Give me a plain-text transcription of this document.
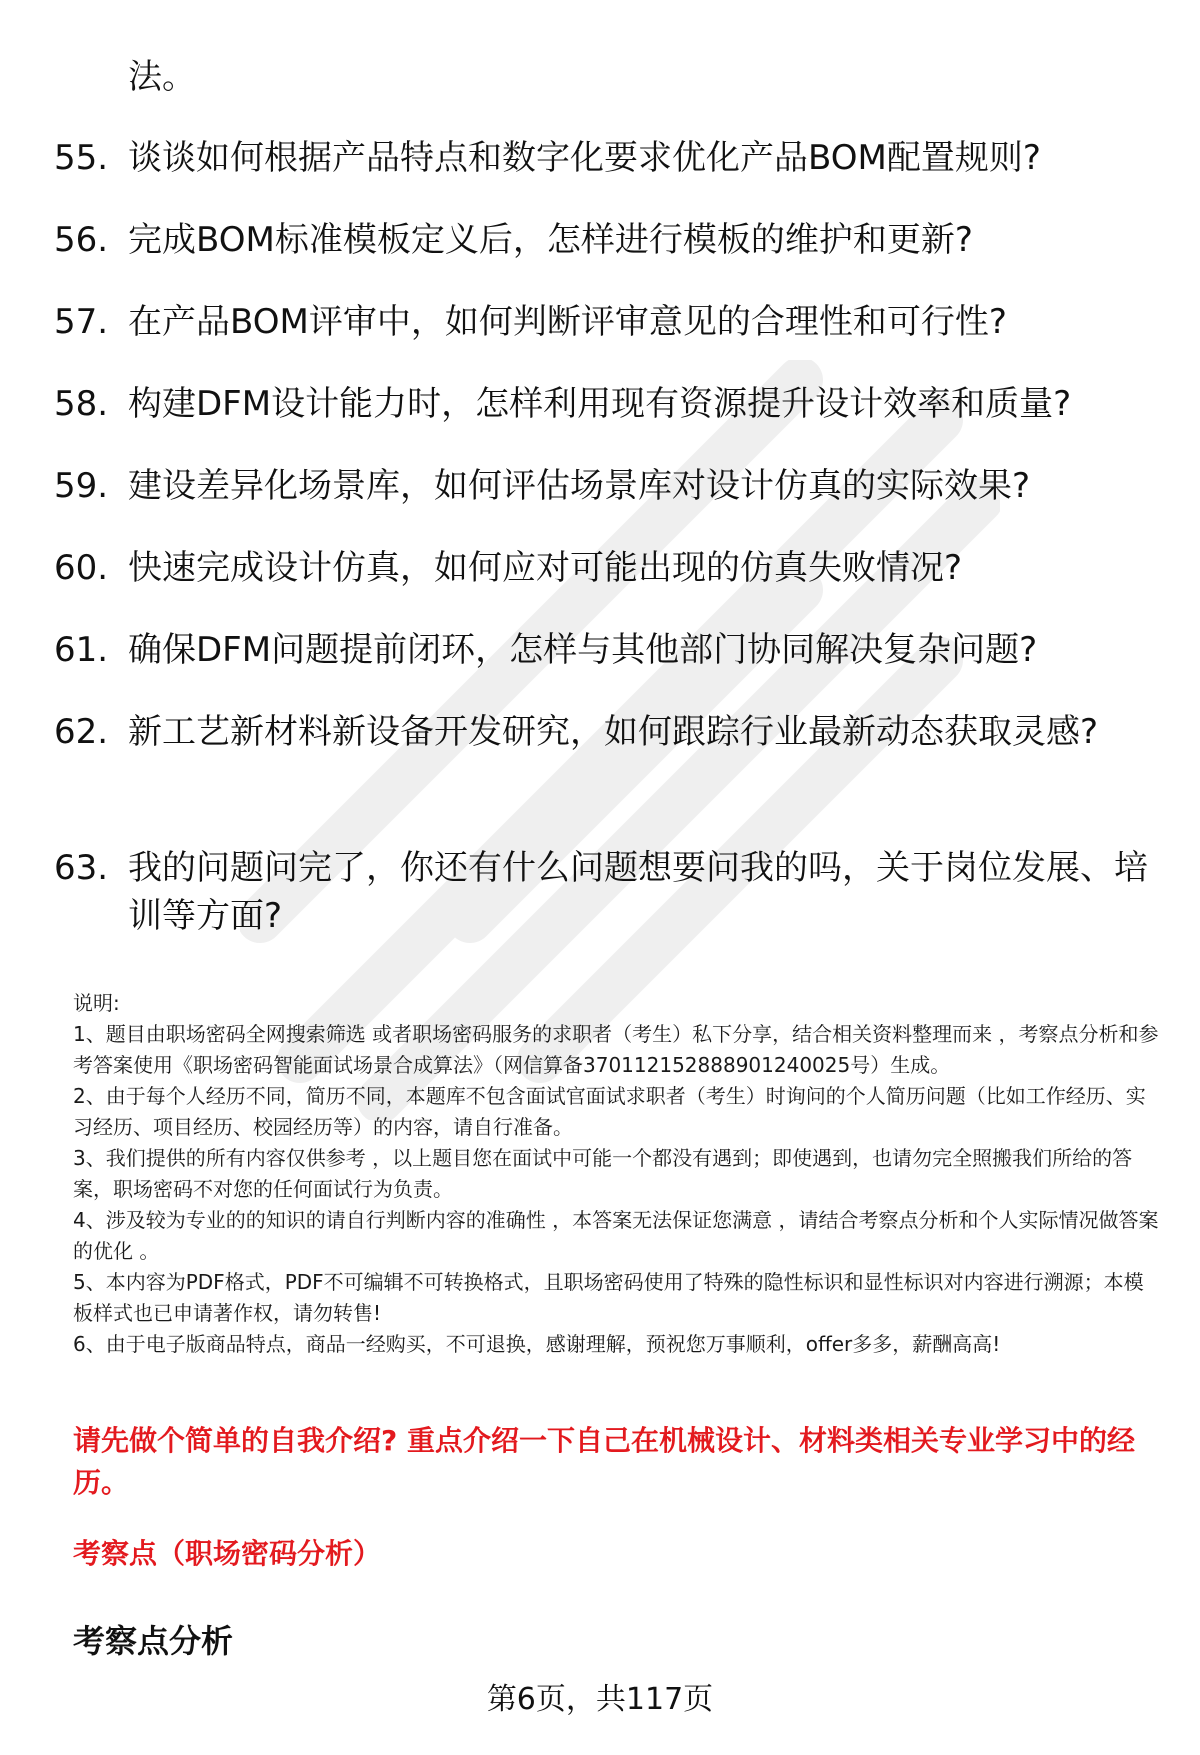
法。
55. 谈谈如何根据产品特点和数字化要求优化产品BOM配置规则?
56. 完成BOM标准模板定义后，怎样进行模板的维护和更新?
57. 在产品BOM评审中，如何判断评审意见的合理性和可行性?
58. 构建DFM设计能力时，怎样利用现有资源提升设计效率和质量?
59. 建设差异化场景库，如何评估场景库对设计仿真的实际效果?
60. 快速完成设计仿真，如何应对可能出现的仿真失败情况?
61. 确保DFM问题提前闭环，怎样与其他部门协同解决复杂问题?
62. 新工艺新材料新设备开发研究，如何跟踪行业最新动态获取灵感?
63. 我的问题问完了，你还有什么问题想要问我的吗，关于岗位发展、培训等方面?

说明:

1、题目由职场密码全网搜索筛选 或者职场密码服务的求职者（考生）私下分享，结合相关资料整理而来 ，考察点分析和参考答案使用《职场密码智能面试场景合成算法》（网信算备370112152888901240025号）生成。

2、由于每个人经历不同，简历不同，本题库不包含面试官面试求职者（考生）时询问的个人简历问题（比如工作经历、实习经历、项目经历、校园经历等）的内容，请自行准备。

3、我们提供的所有内容仅供参考 ，以上题目您在面试中可能一个都没有遇到；即使遇到，也请勿完全照搬我们所给的答案，职场密码不对您的任何面试行为负责。

4、涉及较为专业的的知识的请自行判断内容的准确性 ，本答案无法保证您满意 ，请结合考察点分析和个人实际情况做答案的优化 。

5、本内容为PDF格式，PDF不可编辑不可转换格式，且职场密码使用了特殊的隐性标识和显性标识对内容进行溯源；本模板样式也已申请著作权，请勿转售!

6、由于电子版商品特点，商品一经购买，不可退换，感谢理解，预祝您万事顺利，offer多多，薪酬高高!

请先做个简单的自我介绍? 重点介绍一下自己在机械设计、材料类相关专业学习中的经历。
考察点（职场密码分析）
考察点分析
第6页，共117页
